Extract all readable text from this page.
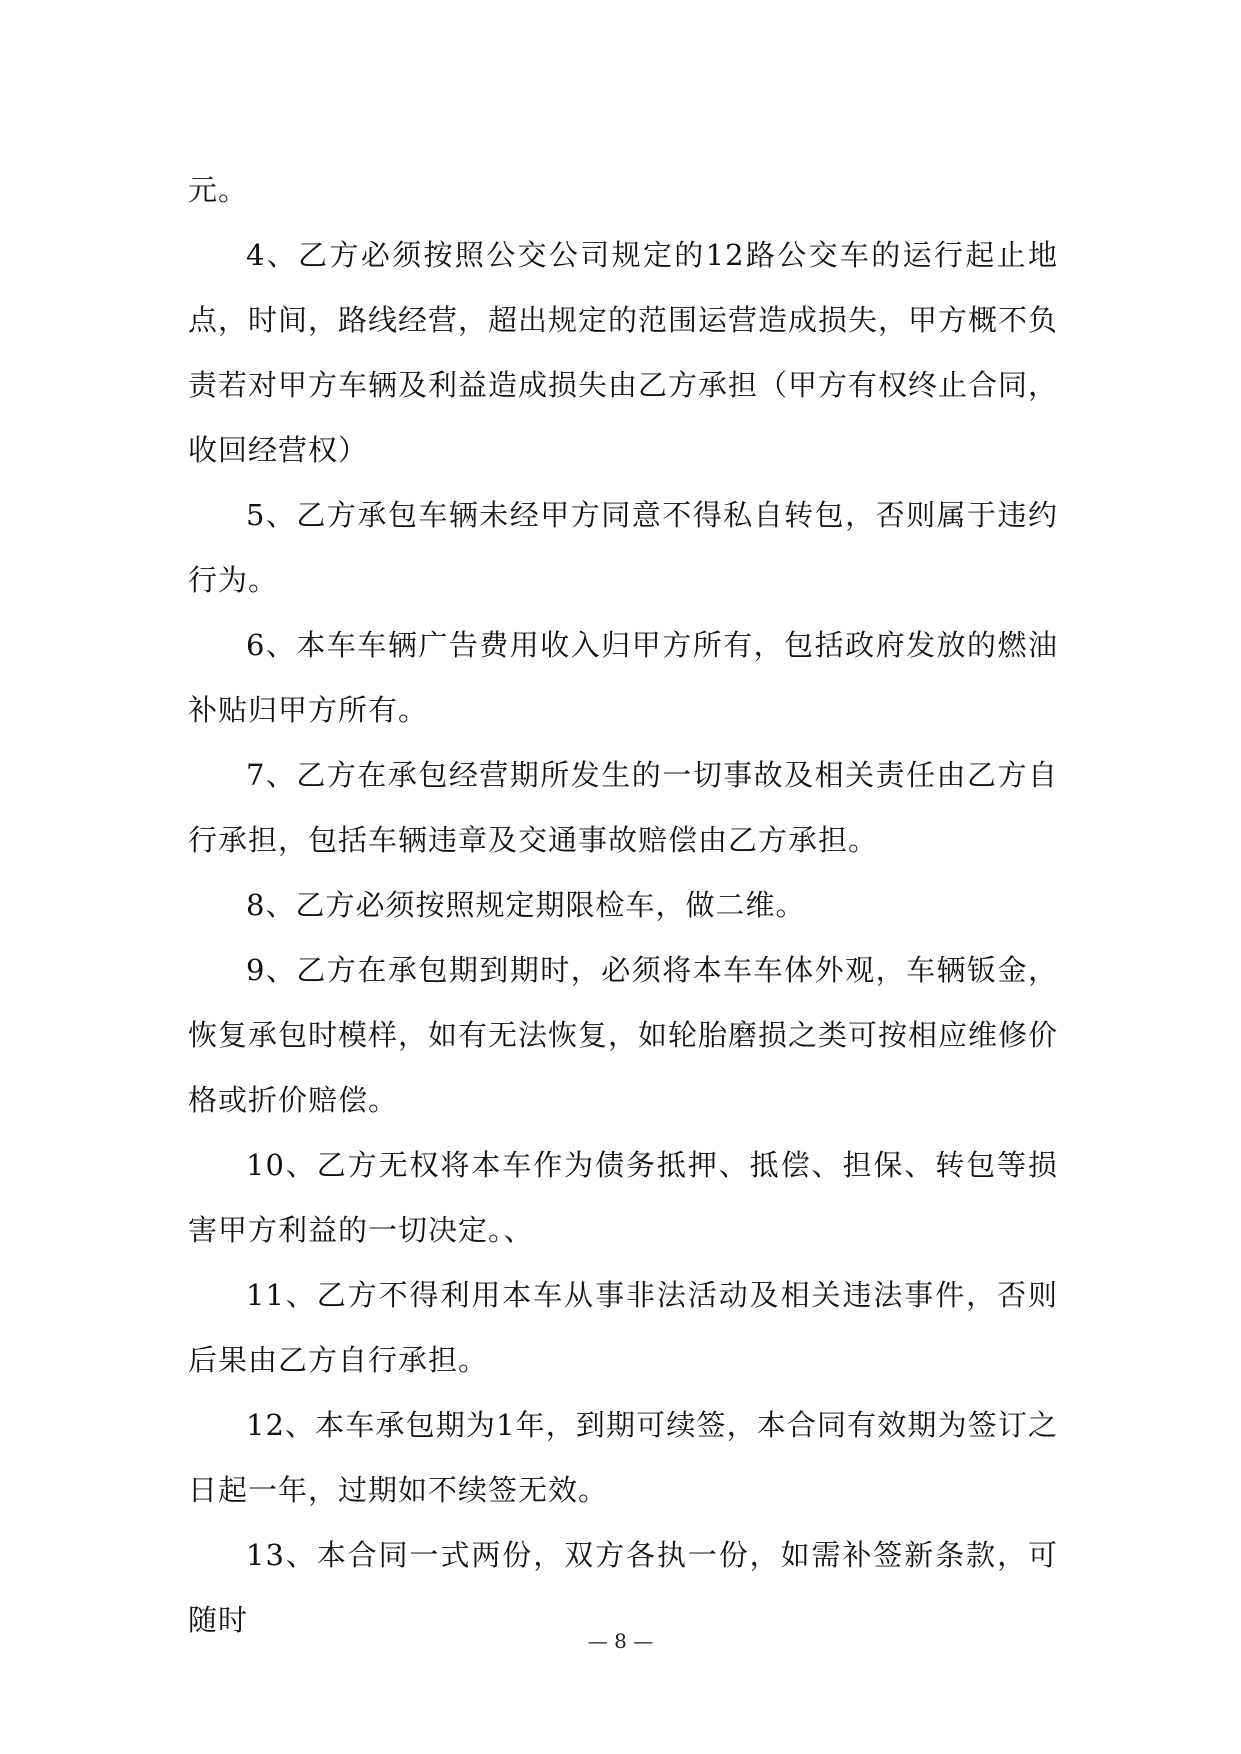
元。

4、乙方必须按照公交公司规定的12路公交车的运行起止地点，时间，路线经营，超出规定的范围运营造成损失，甲方概不负责若对甲方车辆及利益造成损失由乙方承担（甲方有权终止合同，收回经营权）

5、乙方承包车辆未经甲方同意不得私自转包，否则属于违约行为。

6、本车车辆广告费用收入归甲方所有，包括政府发放的燃油补贴归甲方所有。

7、乙方在承包经营期所发生的一切事故及相关责任由乙方自行承担，包括车辆违章及交通事故赔偿由乙方承担。

8、乙方必须按照规定期限检车，做二维。

9、乙方在承包期到期时，必须将本车车体外观，车辆钣金，恢复承包时模样，如有无法恢复，如轮胎磨损之类可按相应维修价格或折价赔偿。

10、乙方无权将本车作为债务抵押、抵偿、担保、转包等损害甲方利益的一切决定。、

11、乙方不得利用本车从事非法活动及相关违法事件，否则后果由乙方自行承担。

12、本车承包期为1年，到期可续签，本合同有效期为签订之日起一年，过期如不续签无效。

13、本合同一式两份，双方各执一份，如需补签新条款，可随时

— 8 —
